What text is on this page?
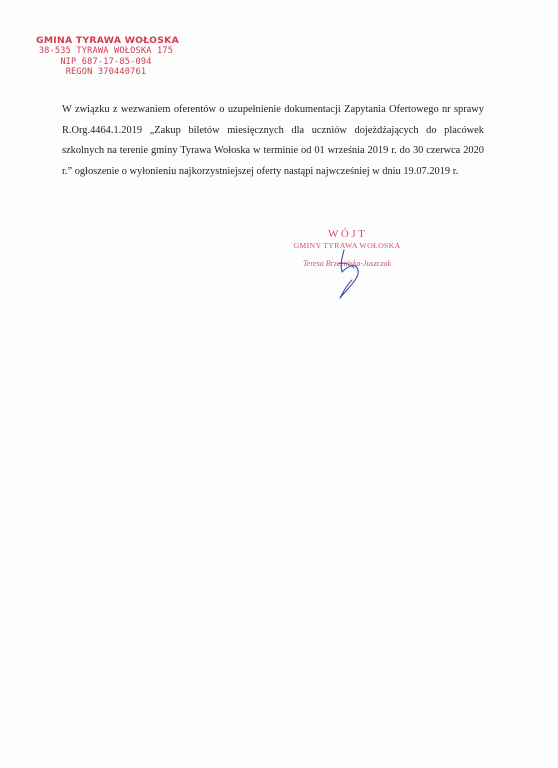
GMINA TYRAWA WOŁOSKA
38-535 TYRAWA WOŁOSKA 175
NIP 687-17-85-094
REGON 370440761
W związku z wezwaniem oferentów o uzupełnienie dokumentacji Zapytania Ofertowego nr sprawy R.Org.4464.1.2019 „Zakup biletów miesięcznych dla uczniów dojeżdżających do placówek szkolnych na terenie gminy Tyrawa Wołoska w terminie od 01 września 2019 r. do 30 czerwca 2020 r.” ogłoszenie o wyłonieniu najkorzystniejszej oferty nastąpi najwcześniej w dniu 19.07.2019 r.
WÓJT
GMINY TYRAWA WOŁOSKA
Teresa Brzezińska-Juszczak
